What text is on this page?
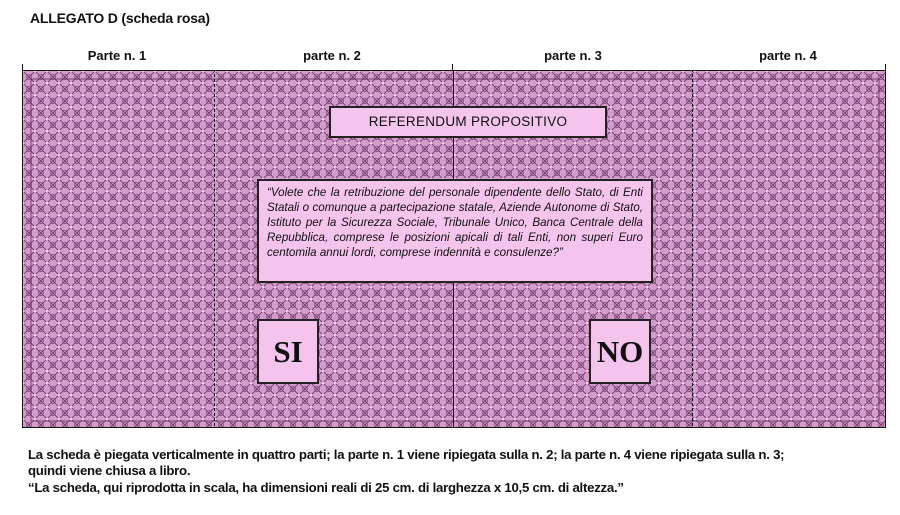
ALLEGATO D (scheda rosa)
Parte n. 1	parte n. 2	parte n. 3	parte n. 4
REFERENDUM PROPOSITIVO
“Volete che la retribuzione del personale dipendente dello Stato, di Enti Statali o comunque a partecipazione statale, Aziende Autonome di Stato, Istituto per la Sicurezza Sociale, Tribunale Unico, Banca Centrale della Repubblica, comprese le posizioni apicali di tali Enti, non superi Euro centomila annui lordi, comprese indennità e consulenze?”
SI	NO
La scheda è piegata verticalmente in quattro parti; la parte n. 1 viene ripiegata sulla n. 2; la parte n. 4 viene ripiegata sulla n. 3;
quindi viene chiusa a libro.
“La scheda, qui riprodotta in scala, ha dimensioni reali di 25 cm. di larghezza x 10,5 cm. di altezza.”
